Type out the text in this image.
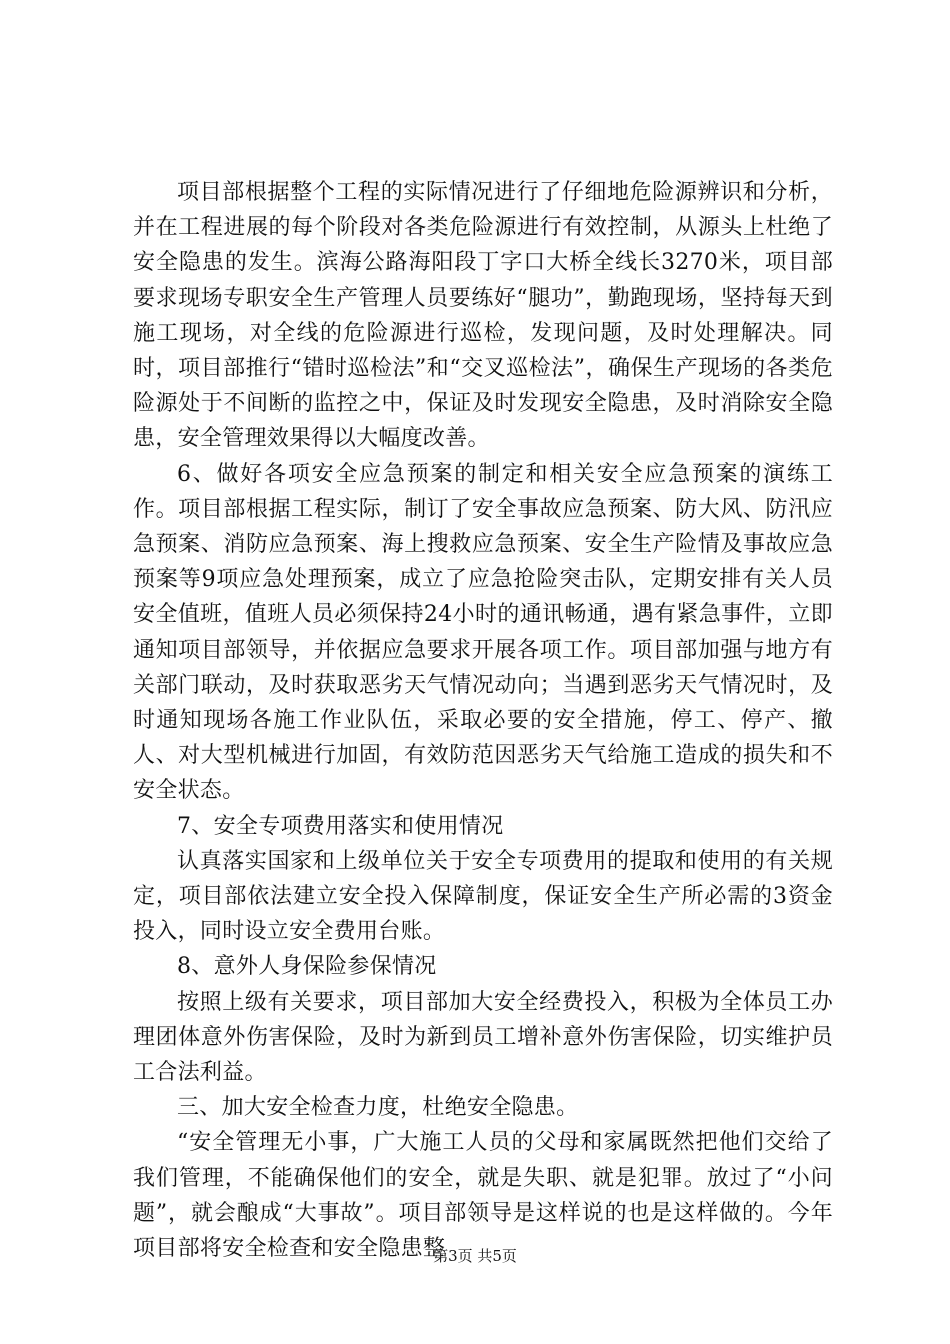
项目部根据整个工程的实际情况进行了仔细地危险源辨识和分析，并在工程进展的每个阶段对各类危险源进行有效控制，从源头上杜绝了安全隐患的发生。滨海公路海阳段丁字口大桥全线长3270米，项目部要求现场专职安全生产管理人员要练好“腿功”，勤跑现场，坚持每天到施工现场，对全线的危险源进行巡检，发现问题，及时处理解决。同时，项目部推行“错时巡检法”和“交叉巡检法”，确保生产现场的各类危险源处于不间断的监控之中，保证及时发现安全隐患，及时消除安全隐患，安全管理效果得以大幅度改善。

6、做好各项安全应急预案的制定和相关安全应急预案的演练工作。项目部根据工程实际，制订了安全事故应急预案、防大风、防汛应急预案、消防应急预案、海上搜救应急预案、安全生产险情及事故应急预案等9项应急处理预案，成立了应急抢险突击队，定期安排有关人员安全值班，值班人员必须保持24小时的通讯畅通，遇有紧急事件，立即通知项目部领导，并依据应急要求开展各项工作。项目部加强与地方有关部门联动，及时获取恶劣天气情况动向；当遇到恶劣天气情况时，及时通知现场各施工作业队伍，采取必要的安全措施，停工、停产、撤人、对大型机械进行加固，有效防范因恶劣天气给施工造成的损失和不安全状态。

7、安全专项费用落实和使用情况

认真落实国家和上级单位关于安全专项费用的提取和使用的有关规定，项目部依法建立安全投入保障制度，保证安全生产所必需的3资金投入，同时设立安全费用台账。

8、意外人身保险参保情况

按照上级有关要求，项目部加大安全经费投入，积极为全体员工办理团体意外伤害保险，及时为新到员工增补意外伤害保险，切实维护员工合法利益。

三、加大安全检查力度，杜绝安全隐患。

“安全管理无小事，广大施工人员的父母和家属既然把他们交给了我们管理，不能确保他们的安全，就是失职、就是犯罪。放过了“小问题”，就会酿成“大事故”。项目部领导是这样说的也是这样做的。今年项目部将安全检查和安全隐患整

第3页 共5页
